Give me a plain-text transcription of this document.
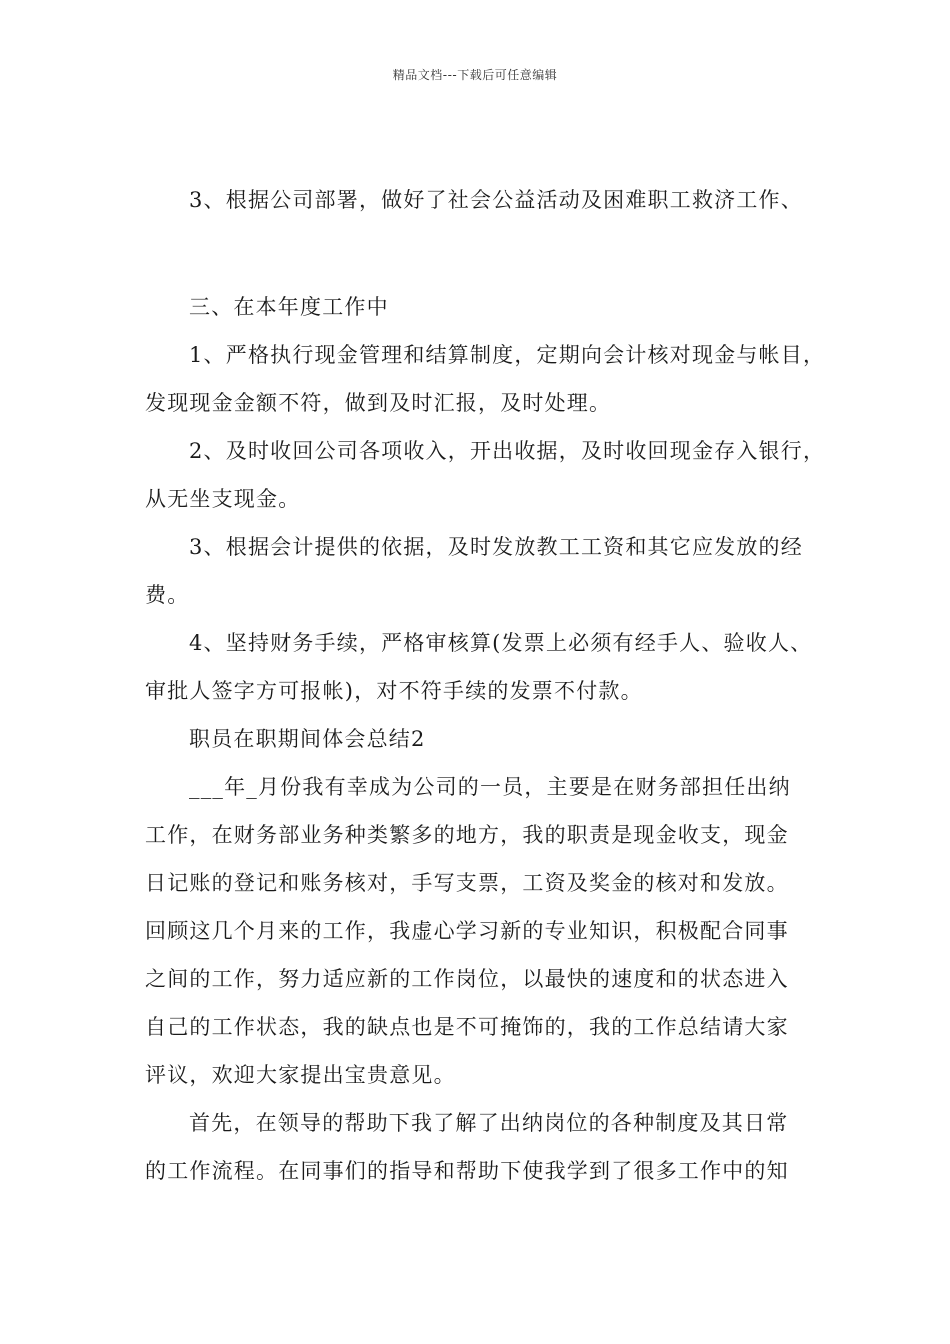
精品文档---下载后可任意编辑
3、根据公司部署，做好了社会公益活动及困难职工救济工作、
三、在本年度工作中
1、严格执行现金管理和结算制度，定期向会计核对现金与帐目，
发现现金金额不符，做到及时汇报，及时处理。
2、及时收回公司各项收入，开出收据，及时收回现金存入银行，
从无坐支现金。
3、根据会计提供的依据，及时发放教工工资和其它应发放的经
费。
4、坚持财务手续，严格审核算(发票上必须有经手人、验收人、
审批人签字方可报帐)，对不符手续的发票不付款。
职员在职期间体会总结2
___年_月份我有幸成为公司的一员，主要是在财务部担任出纳
工作，在财务部业务种类繁多的地方，我的职责是现金收支，现金
日记账的登记和账务核对，手写支票，工资及奖金的核对和发放。
回顾这几个月来的工作，我虚心学习新的专业知识，积极配合同事
之间的工作，努力适应新的工作岗位，以最快的速度和的状态进入
自己的工作状态，我的缺点也是不可掩饰的，我的工作总结请大家
评议，欢迎大家提出宝贵意见。
首先，在领导的帮助下我了解了出纳岗位的各种制度及其日常
的工作流程。在同事们的指导和帮助下使我学到了很多工作中的知
